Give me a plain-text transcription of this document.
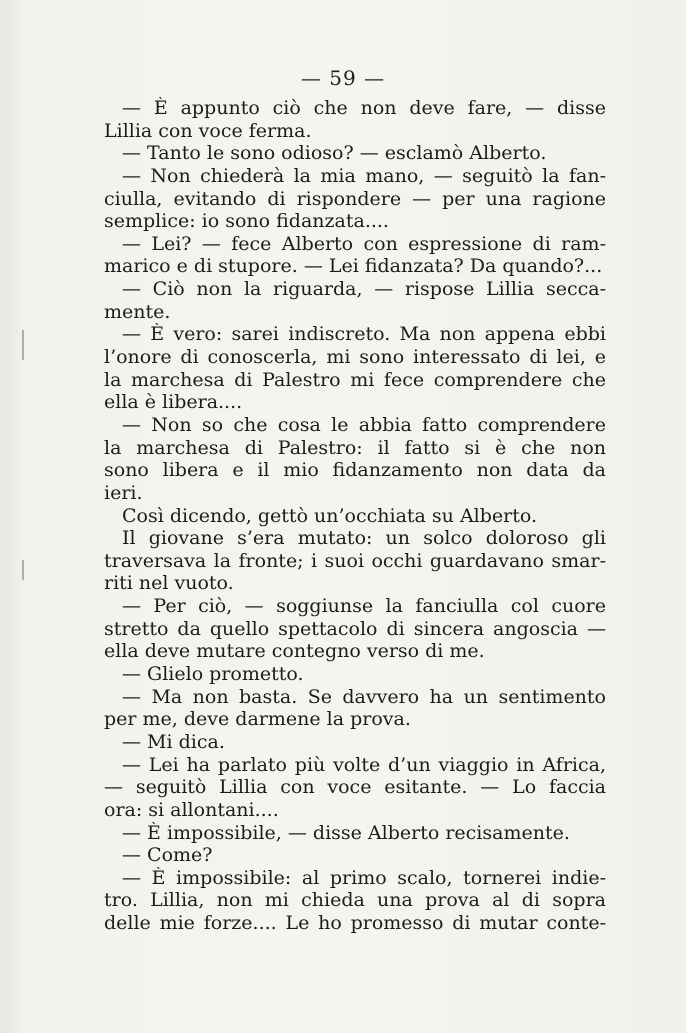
— 59 —
— È appunto ciò che non deve fare, — disse
Lillia con voce ferma.
— Tanto le sono odioso? — esclamò Alberto.
— Non chiederà la mia mano, — seguitò la fan-
ciulla, evitando di rispondere — per una ragione
semplice: io sono fidanzata....
— Lei? — fece Alberto con espressione di ram-
marico e di stupore. — Lei fidanzata? Da quando?...
— Ciò non la riguarda, — rispose Lillia secca-
mente.
— È vero: sarei indiscreto. Ma non appena ebbi
l’onore di conoscerla, mi sono interessato di lei, e
la marchesa di Palestro mi fece comprendere che
ella è libera....
— Non so che cosa le abbia fatto comprendere
la marchesa di Palestro: il fatto si è che non
sono libera e il mio fidanzamento non data da
ieri.
Così dicendo, gettò un’occhiata su Alberto.
Il giovane s’era mutato: un solco doloroso gli
traversava la fronte; i suoi occhi guardavano smar-
riti nel vuoto.
— Per ciò, — soggiunse la fanciulla col cuore
stretto da quello spettacolo di sincera angoscia —
ella deve mutare contegno verso di me.
— Glielo prometto.
— Ma non basta. Se davvero ha un sentimento
per me, deve darmene la prova.
— Mi dica.
— Lei ha parlato più volte d’un viaggio in Africa,
— seguitò Lillia con voce esitante. — Lo faccia
ora: si allontani....
— È impossibile, — disse Alberto recisamente.
— Come?
— È impossibile: al primo scalo, tornerei indie-
tro. Lillia, non mi chieda una prova al di sopra
delle mie forze.... Le ho promesso di mutar conte-
